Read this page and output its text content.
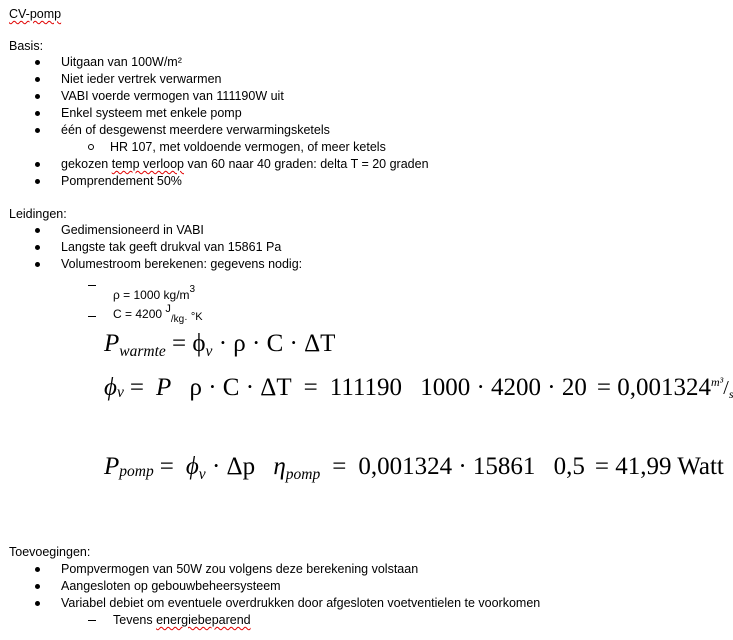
CV-pomp
Basis:
Uitgaan van 100W/m²
Niet ieder vertrek verwarmen
VABI voerde vermogen van 111190W uit
Enkel systeem met enkele pomp
één of desgewenst meerdere verwarmingsketels
HR 107, met voldoende vermogen, of meer ketels
gekozen temp verloop van 60 naar 40 graden: delta T = 20 graden
Pomprendement 50%
Leidingen:
Gedimensioneerd in VABI
Langste tak geeft drukval van 15861 Pa
Volumestroom berekenen: gegevens nodig:
ρ = 1000 $kg/m^3$
C = 4200 $J_{/kg\cdot}$ °K
$P_{warmte} = \phi_v \cdot \rho \cdot C \cdot \Delta T$
ϕ v = P ρ · C · ΔT = 111190 1000 · 4200 · 20 = 0,001324 m³ /
P pomp = $\phi_v \cdot \Delta p$ $\eta_{pomp} = 0,001324 \cdot 15861$ 0,5 = 41,99 Watt
Toevoegingen:
Pompvermogen van 50W zou volgens deze berekening volstaan
Aangesloten op gebouwbeheersysteem
Variabel debiet om eventuele overdrukken door afgesloten voetventielen te voorkomen
Tevens energiebeparend
